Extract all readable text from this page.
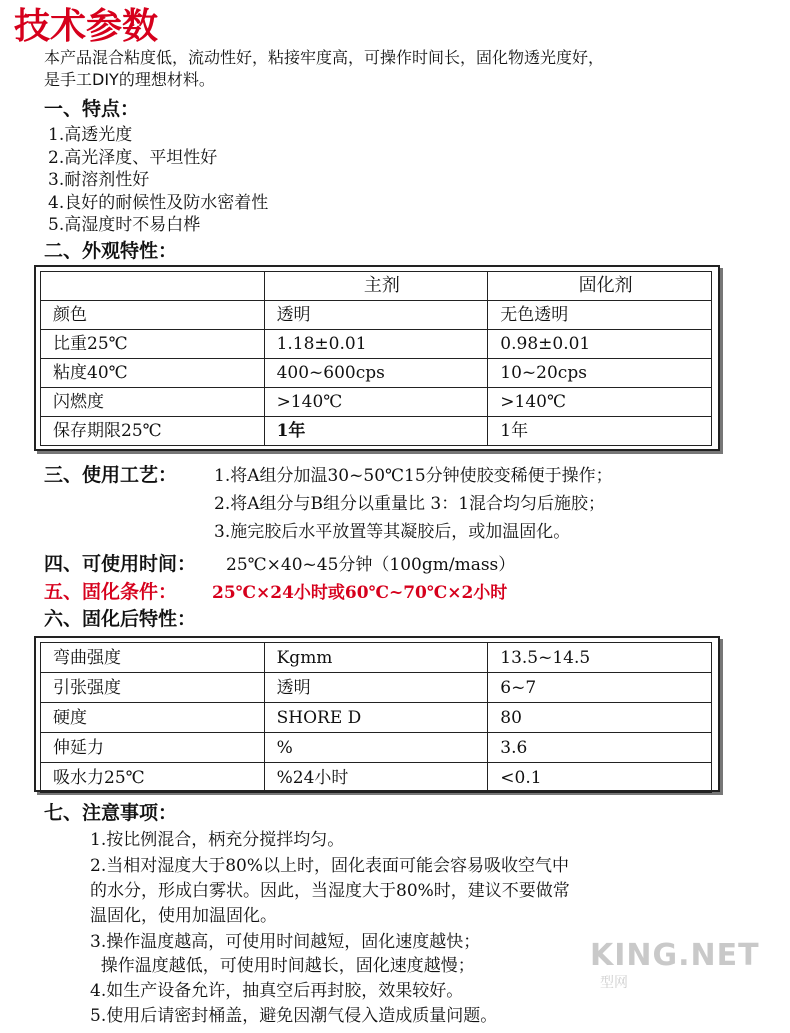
技术参数
本产品混合粘度低，流动性好，粘接牢度高，可操作时间长，固化物透光度好，
是手工DIY的理想材料。
一、特点：
1.高透光度
2.高光泽度、平坦性好
3.耐溶剂性好
4.良好的耐候性及防水密着性
5.高湿度时不易白桦
二、外观特性：
	主剂	固化剂
颜色	透明	无色透明
比重25℃	1.18±0.01	0.98±0.01
粘度40℃	400~600cps	10~20cps
闪燃度	>140℃	>140℃
保存期限25℃	1年	1年
三、使用工艺： 1.将A组分加温30~50℃15分钟使胶变稀便于操作；
2.将A组分与B组分以重量比 3：1混合均匀后施胶；
3.施完胶后水平放置等其凝胶后，或加温固化。
四、可使用时间： 25℃×40~45分钟（100gm/mass）
五、固化条件： 25℃×24小时或60℃~70℃×2小时
六、固化后特性：
弯曲强度	Kgmm	13.5~14.5
引张强度	透明	6~7
硬度	SHORE D	80
伸延力	%	3.6
吸水力25℃	%24小时	<0.1
七、注意事项：
1.按比例混合，柄充分搅拌均匀。
2.当相对湿度大于80%以上时，固化表面可能会容易吸收空气中
的水分，形成白雾状。因此，当湿度大于80%时，建议不要做常
温固化，使用加温固化。
3.操作温度越高，可使用时间越短，固化速度越快；
操作温度越低，可使用时间越长，固化速度越慢；
4.如生产设备允许，抽真空后再封胶，效果较好。
5.使用后请密封桶盖，避免因潮气侵入造成质量问题。
KING.NET
型网
